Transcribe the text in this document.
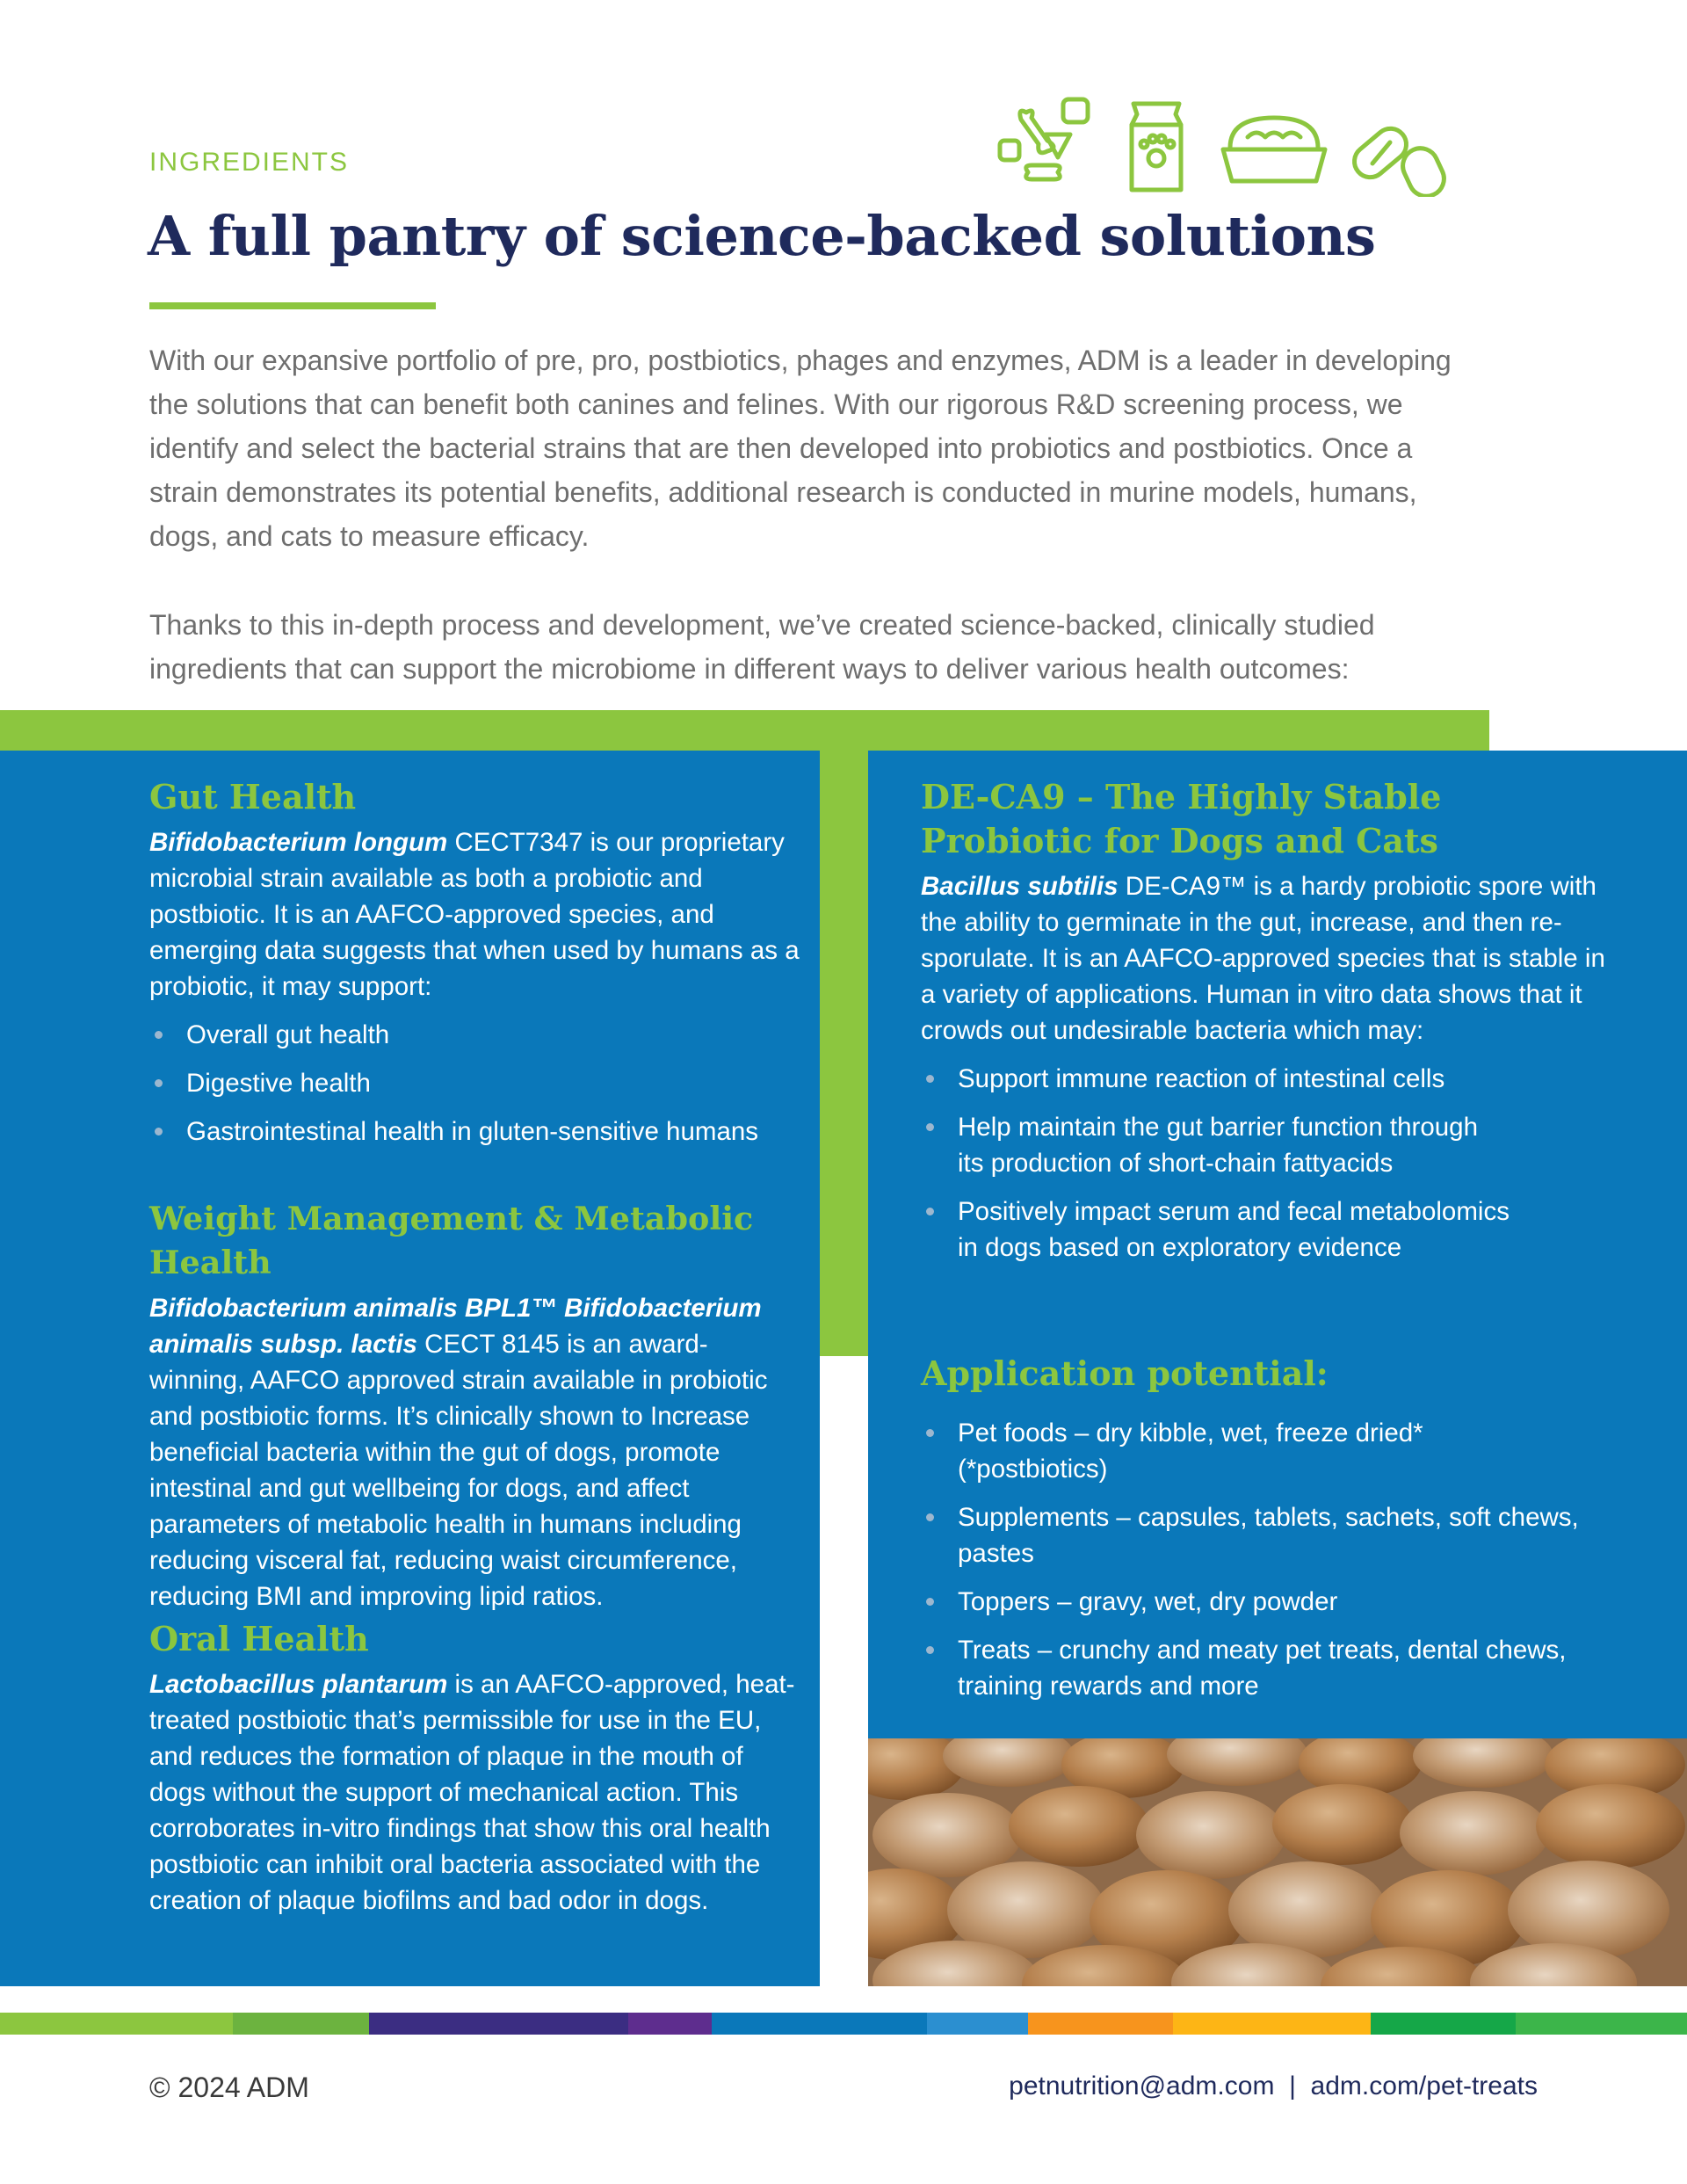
INGREDIENTS
A full pantry of science-backed solutions

With our expansive portfolio of pre, pro, postbiotics, phages and enzymes, ADM is a leader in developing the solutions that can benefit both canines and felines. With our rigorous R&D screening process, we identify and select the bacterial strains that are then developed into probiotics and postbiotics. Once a strain demonstrates its potential benefits, additional research is conducted in murine models, humans, dogs, and cats to measure efficacy.

Thanks to this in-depth process and development, we’ve created science-backed, clinically studied ingredients that can support the microbiome in different ways to deliver various health outcomes:

Gut Health

Bifidobacterium longum CECT7347 is our proprietary microbial strain available as both a probiotic and postbiotic. It is an AAFCO-approved species, and emerging data suggests that when used by humans as a probiotic, it may support:

Overall gut health
Digestive health
Gastrointestinal health in gluten-sensitive humans
Weight Management & Metabolic Health

Bifidobacterium animalis BPL1™ Bifidobacterium animalis subsp. lactis CECT 8145 is an award-winning, AAFCO approved strain available in probiotic and postbiotic forms. It’s clinically shown to Increase beneficial bacteria within the gut of dogs, promote intestinal and gut wellbeing for dogs, and affect parameters of metabolic health in humans including reducing visceral fat, reducing waist circumference, reducing BMI and improving lipid ratios.

Oral Health

Lactobacillus plantarum is an AAFCO-approved, heat-treated postbiotic that’s permissible for use in the EU, and reduces the formation of plaque in the mouth of dogs without the support of mechanical action. This corroborates in-vitro findings that show this oral health postbiotic can inhibit oral bacteria associated with the creation of plaque biofilms and bad odor in dogs.

DE-CA9 – The Highly Stable
Probiotic for Dogs and Cats

Bacillus subtilis DE-CA9™ is a hardy probiotic spore with the ability to germinate in the gut, increase, and then re-sporulate. It is an AAFCO-approved species that is stable in a variety of applications. Human in vitro data shows that it crowds out undesirable bacteria which may:

Support immune reaction of intestinal cells
Help maintain the gut barrier function through its production of short-chain fattyacids
Positively impact serum and fecal metabolomics in dogs based on exploratory evidence
Application potential:
Pet foods – dry kibble, wet, freeze dried* (*postbiotics)
Supplements – capsules, tablets, sachets, soft chews, pastes
Toppers – gravy, wet, dry powder
Treats – crunchy and meaty pet treats, dental chews, training rewards and more
© 2024 ADM	petnutrition@adm.com  |  adm.com/pet-treats
